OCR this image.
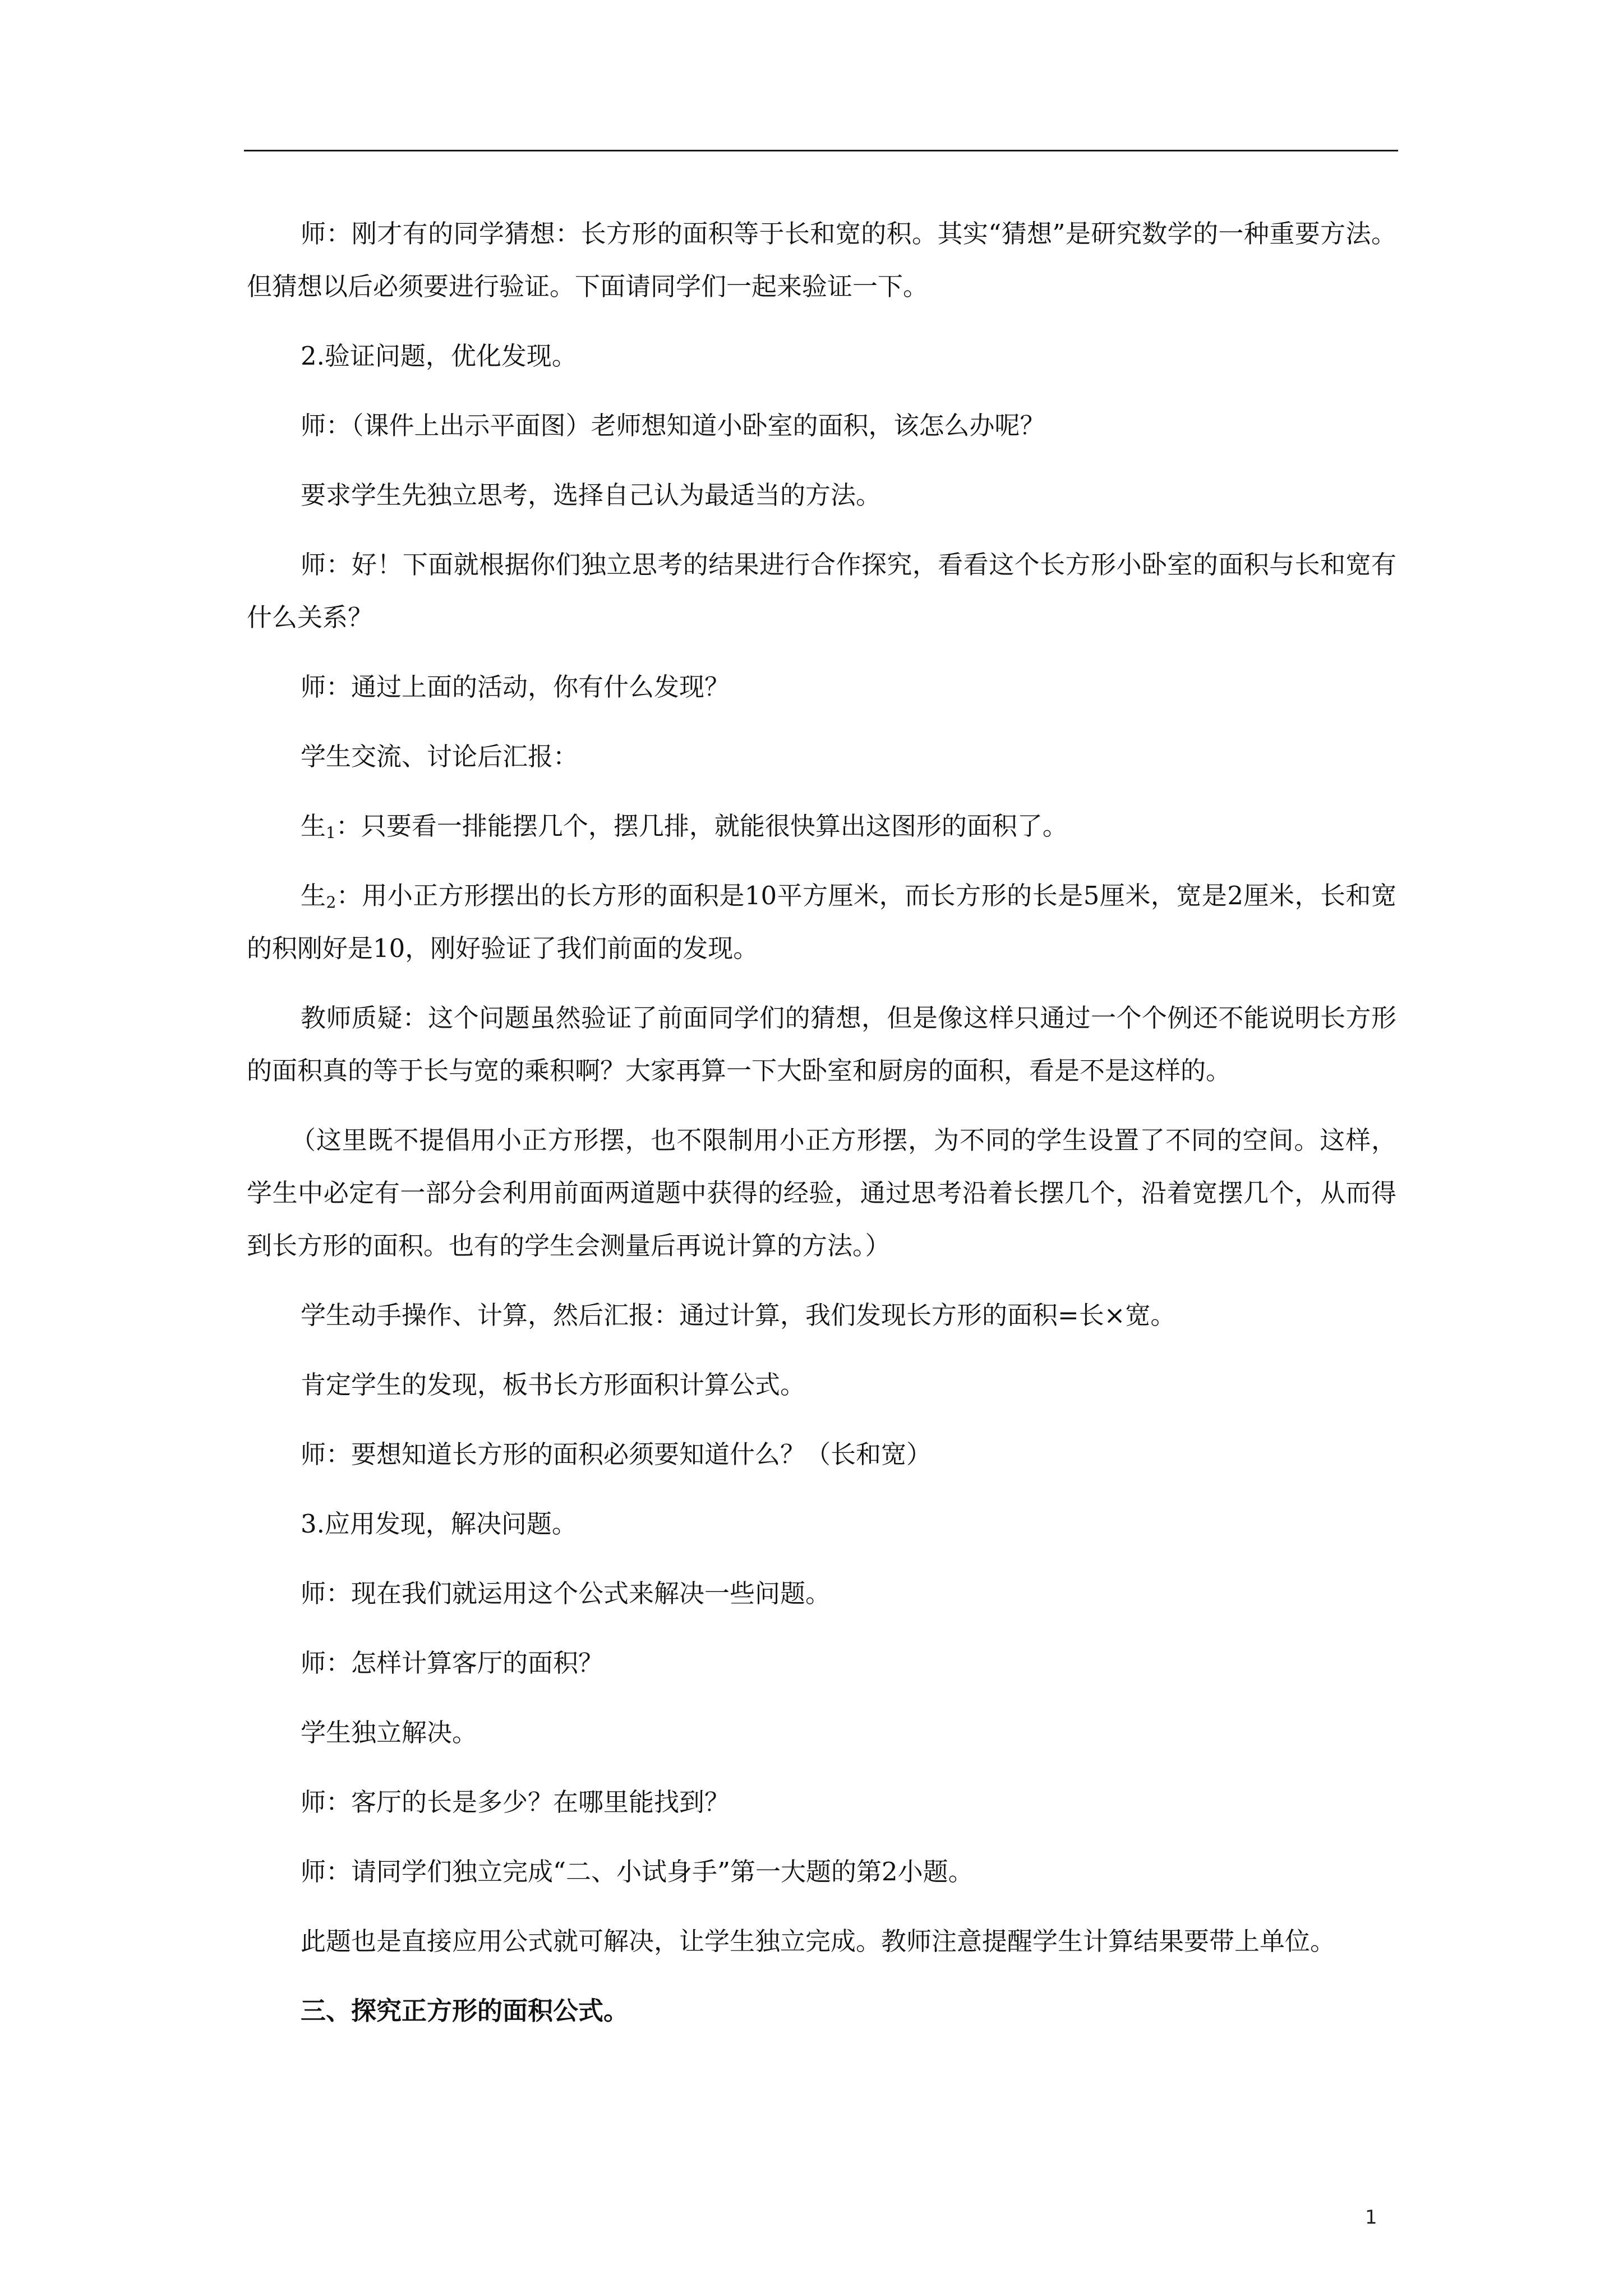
师：刚才有的同学猜想：长方形的面积等于长和宽的积。其实“猜想”是研究数学的一种重要方法。但猜想以后必须要进行验证。下面请同学们一起来验证一下。

2.验证问题，优化发现。

师：（课件上出示平面图）老师想知道小卧室的面积，该怎么办呢？

要求学生先独立思考，选择自己认为最适当的方法。

师：好！下面就根据你们独立思考的结果进行合作探究，看看这个长方形小卧室的面积与长和宽有什么关系？

师：通过上面的活动，你有什么发现？

学生交流、讨论后汇报：

生$_1$：只要看一排能摆几个，摆几排，就能很快算出这图形的面积了。

生$_2$：用小正方形摆出的长方形的面积是10平方厘米，而长方形的长是5厘米，宽是2厘米，长和宽的积刚好是10，刚好验证了我们前面的发现。

教师质疑：这个问题虽然验证了前面同学们的猜想，但是像这样只通过一个个例还不能说明长方形的面积真的等于长与宽的乘积啊？大家再算一下大卧室和厨房的面积，看是不是这样的。

（这里既不提倡用小正方形摆，也不限制用小正方形摆，为不同的学生设置了不同的空间。这样，学生中必定有一部分会利用前面两道题中获得的经验，通过思考沿着长摆几个，沿着宽摆几个，从而得到长方形的面积。也有的学生会测量后再说计算的方法。）

学生动手操作、计算，然后汇报：通过计算，我们发现长方形的面积=长×宽。

肯定学生的发现，板书长方形面积计算公式。

师：要想知道长方形的面积必须要知道什么？（长和宽）

3.应用发现，解决问题。

师：现在我们就运用这个公式来解决一些问题。

师：怎样计算客厅的面积？

学生独立解决。

师：客厅的长是多少？在哪里能找到？

师：请同学们独立完成“二、小试身手”第一大题的第2小题。

此题也是直接应用公式就可解决，让学生独立完成。教师注意提醒学生计算结果要带上单位。

三、探究正方形的面积公式。

1
